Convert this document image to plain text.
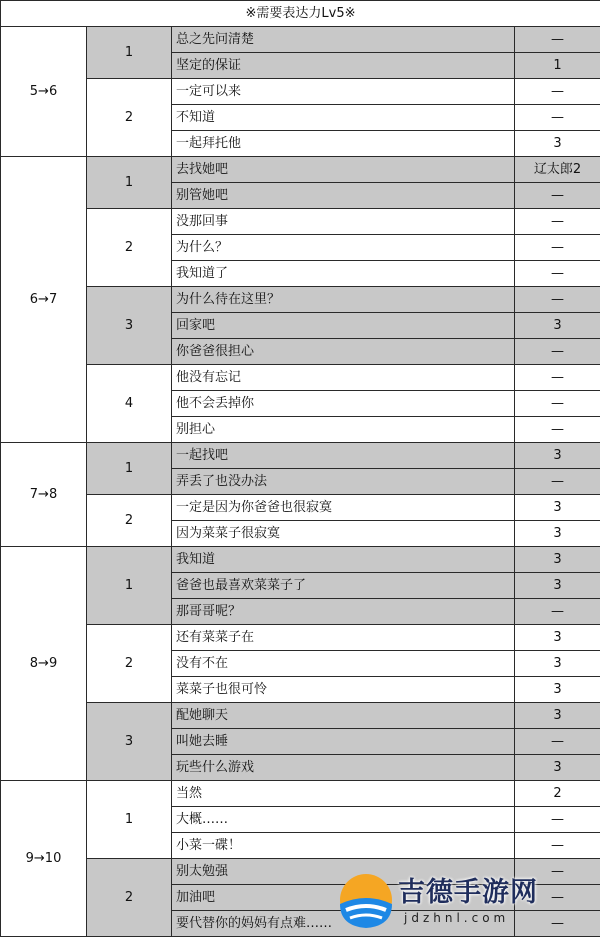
※需要表达力Lv5※			
5→6	1	总之先问清楚	—
		坚定的保证	1
	2	一定可以来	—
		不知道	—
		一起拜托他	3
6→7	1	去找她吧	辽太郎2
		别管她吧	—
	2	没那回事	—
		为什么？	—
		我知道了	—
	3	为什么待在这里？	—
		回家吧	3
		你爸爸很担心	—
	4	他没有忘记	—
		他不会丢掉你	—
		别担心	—
7→8	1	一起找吧	3
		弄丢了也没办法	—
	2	一定是因为你爸爸也很寂寞	3
		因为菜菜子很寂寞	3
8→9	1	我知道	3
		爸爸也最喜欢菜菜子了	3
		那哥哥呢？	—
	2	还有菜菜子在	3
		没有不在	3
		菜菜子也很可怜	3
	3	配她聊天	3
		叫她去睡	—
		玩些什么游戏	3
9→10	1	当然	2
		大概……	—
		小菜一碟！	—
	2	别太勉强	—
		加油吧	—
		要代替你的妈妈有点难……	—
吉德手游网
jdzhnl.com
